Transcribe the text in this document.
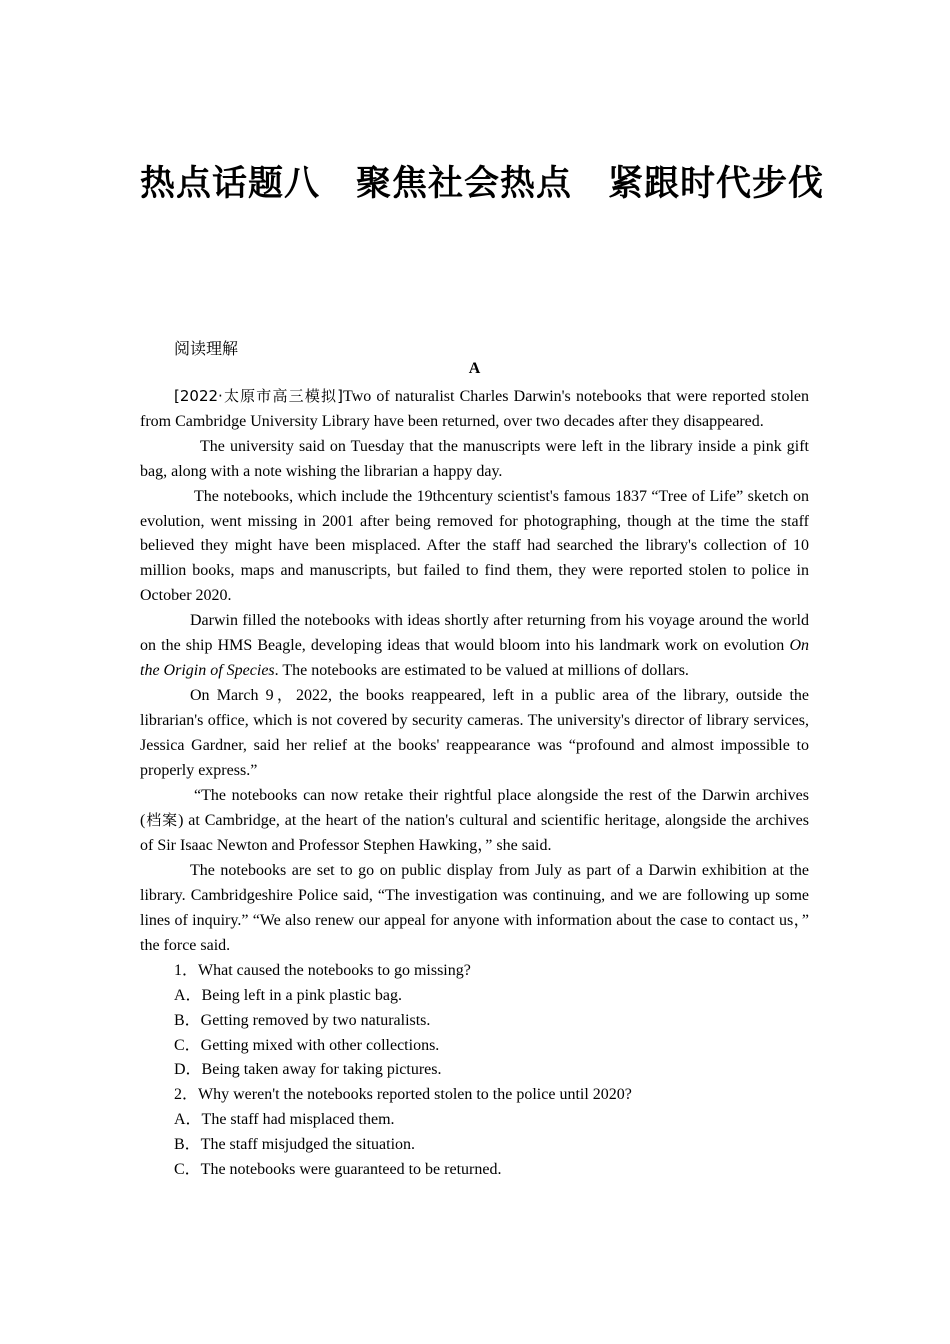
热点话题八　聚焦社会热点　紧跟时代步伐
阅读理解
A

[2022·太原市高三模拟]Two of naturalist Charles Darwin's notebooks that were reported stolen from Cambridge University Library have been returned, over two decades after they disappeared.

The university said on Tuesday that the manuscripts were left in the library inside a pink gift bag, along with a note wishing the librarian a happy day.

The notebooks, which include the 19thcentury scientist's famous 1837 “Tree of Life” sketch on evolution, went missing in 2001 after being removed for photographing, though at the time the staff believed they might have been misplaced. After the staff had searched the library's collection of 10 million books, maps and manuscripts, but failed to find them, they were reported stolen to police in October 2020.

Darwin filled the notebooks with ideas shortly after returning from his voyage around the world on the ship HMS Beagle, developing ideas that would bloom into his landmark work on evolution On the Origin of Species. The notebooks are estimated to be valued at millions of dollars.

On March 9，2022, the books reappeared, left in a public area of the library, outside the librarian's office, which is not covered by security cameras. The university's director of library services, Jessica Gardner, said her relief at the books' reappearance was “profound and almost impossible to properly express.”

“The notebooks can now retake their rightful place alongside the rest of the Darwin archives (档案) at Cambridge, at the heart of the nation's cultural and scientific heritage, alongside the archives of Sir Isaac Newton and Professor Stephen Hawking，” she said.

The notebooks are set to go on public display from July as part of a Darwin exhibition at the library. Cambridgeshire Police said, “The investigation was continuing, and we are following up some lines of inquiry.” “We also renew our appeal for anyone with information about the case to contact us，” the force said.

1．What caused the notebooks to go missing?

A．Being left in a pink plastic bag.

B．Getting removed by two naturalists.

C．Getting mixed with other collections.

D．Being taken away for taking pictures.

2．Why weren't the notebooks reported stolen to the police until 2020?

A．The staff had misplaced them.

B．The staff misjudged the situation.

C．The notebooks were guaranteed to be returned.
